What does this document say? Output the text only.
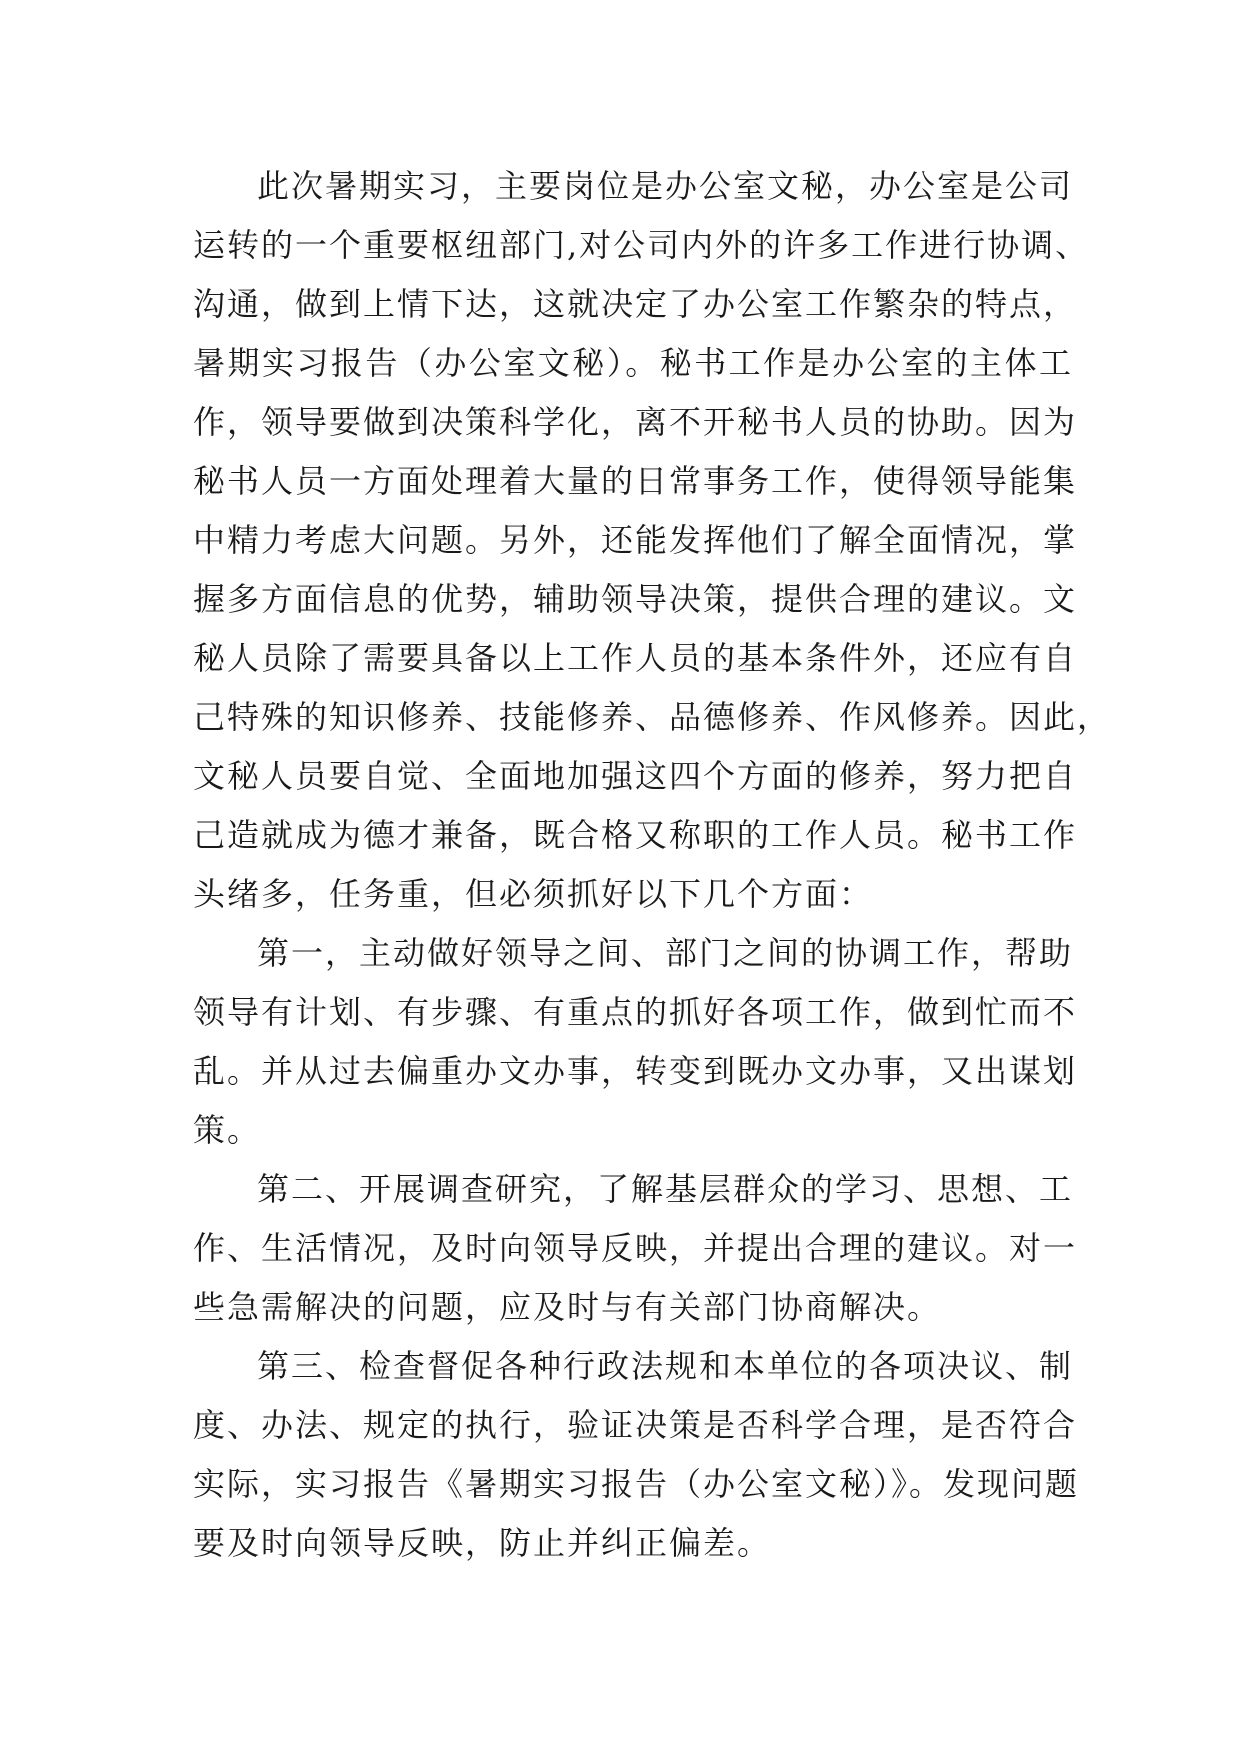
此次暑期实习，主要岗位是办公室文秘，办公室是公司
运转的一个重要枢纽部门,对公司内外的许多工作进行协调、
沟通，做到上情下达，这就决定了办公室工作繁杂的特点，
暑期实习报告（办公室文秘）。秘书工作是办公室的主体工
作，领导要做到决策科学化，离不开秘书人员的协助。因为
秘书人员一方面处理着大量的日常事务工作，使得领导能集
中精力考虑大问题。另外，还能发挥他们了解全面情况，掌
握多方面信息的优势，辅助领导决策，提供合理的建议。文
秘人员除了需要具备以上工作人员的基本条件外，还应有自
己特殊的知识修养、技能修养、品德修养、作风修养。因此，
文秘人员要自觉、全面地加强这四个方面的修养，努力把自
己造就成为德才兼备，既合格又称职的工作人员。秘书工作
头绪多，任务重，但必须抓好以下几个方面：
第一，主动做好领导之间、部门之间的协调工作，帮助
领导有计划、有步骤、有重点的抓好各项工作，做到忙而不
乱。并从过去偏重办文办事，转变到既办文办事，又出谋划
策。
第二、开展调查研究，了解基层群众的学习、思想、工
作、生活情况，及时向领导反映，并提出合理的建议。对一
些急需解决的问题，应及时与有关部门协商解决。
第三、检查督促各种行政法规和本单位的各项决议、制
度、办法、规定的执行，验证决策是否科学合理，是否符合
实际，实习报告《暑期实习报告（办公室文秘）》。发现问题
要及时向领导反映，防止并纠正偏差。
